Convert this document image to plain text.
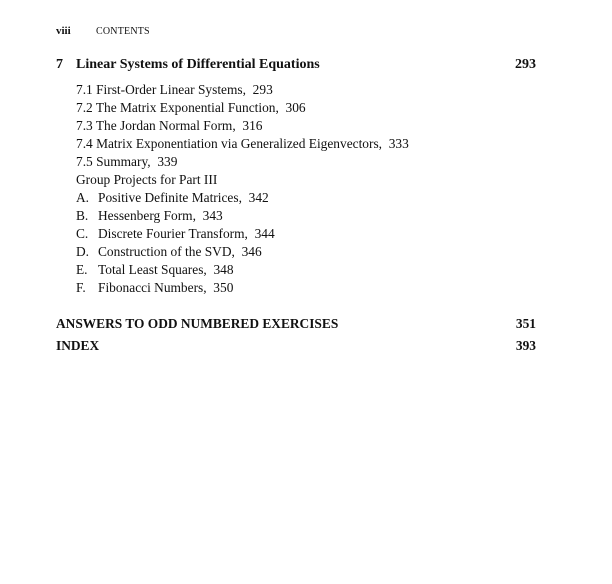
viii	CONTENTS
7 Linear Systems of Differential Equations	293
7.1 First-Order Linear Systems, 293
7.2 The Matrix Exponential Function, 306
7.3 The Jordan Normal Form, 316
7.4 Matrix Exponentiation via Generalized Eigenvectors, 333
7.5 Summary, 339
Group Projects for Part III
A. Positive Definite Matrices, 342
B. Hessenberg Form, 343
C. Discrete Fourier Transform, 344
D. Construction of the SVD, 346
E. Total Least Squares, 348
F. Fibonacci Numbers, 350
ANSWERS TO ODD NUMBERED EXERCISES	351
INDEX	393
